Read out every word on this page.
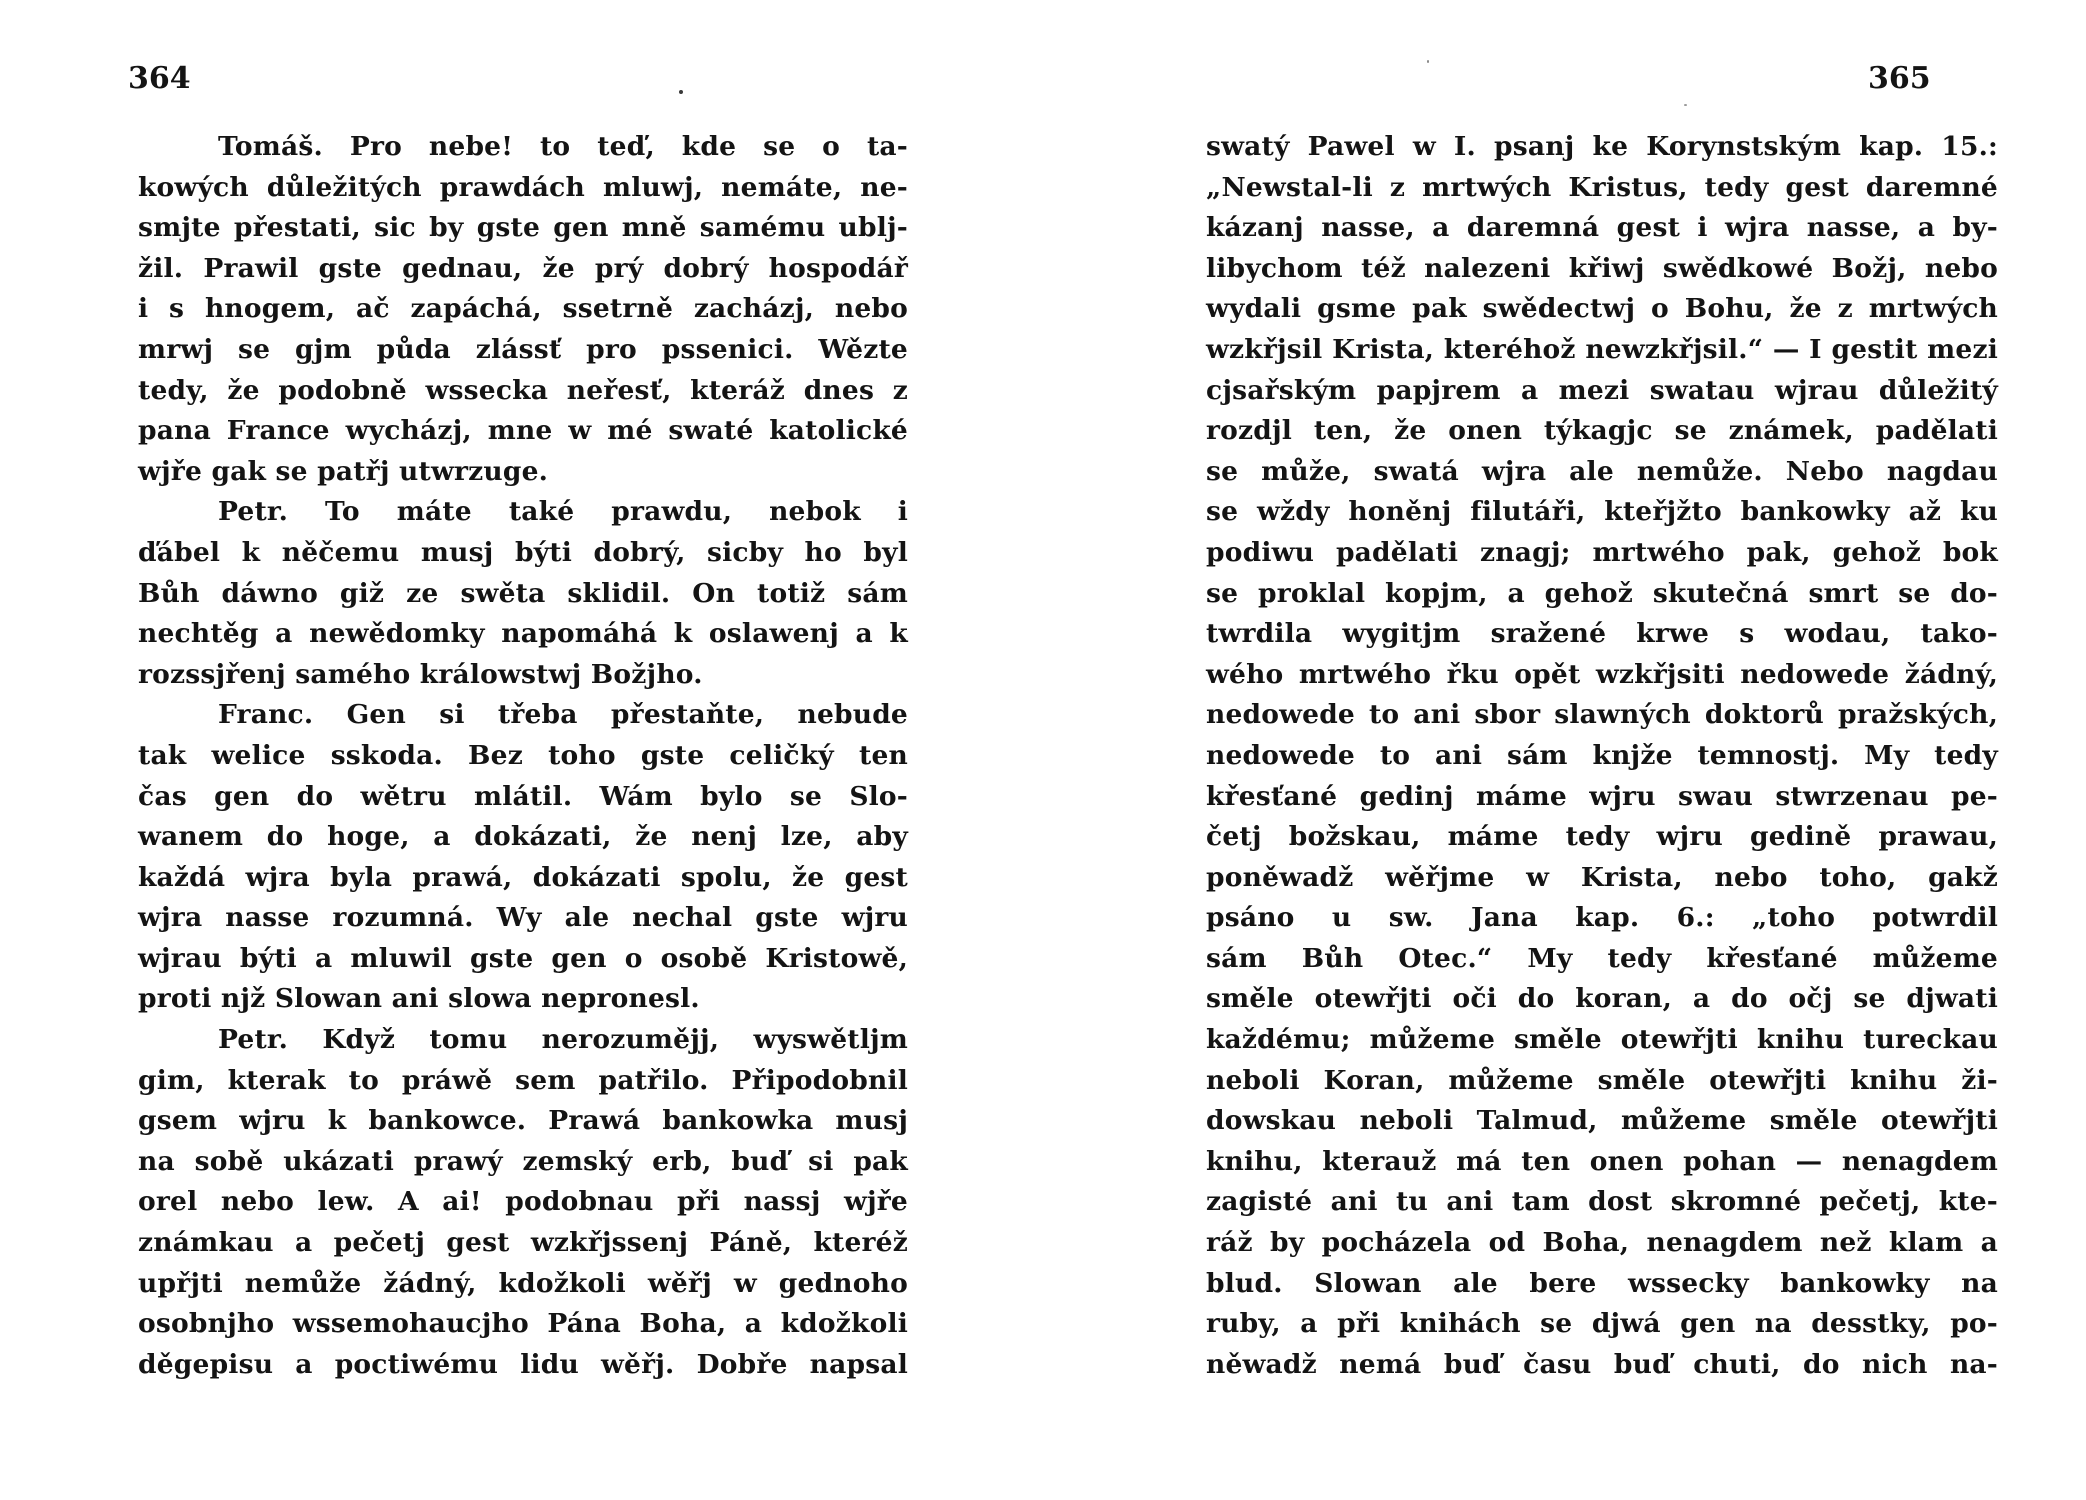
364
Tomáš. Pro nebe! to teď, kde se o ta-
kowých důležitých prawdách mluwj, nemáte, ne-
smjte přestati, sic by gste gen mně samému ublj-
žil. Prawil gste gednau, že prý dobrý hospodář
i s hnogem, ač zapáchá, ssetrně zacházj, nebo
mrwj se gjm půda zlássť pro pssenici. Wězte
tedy, že podobně wssecka neřesť, kteráž dnes z
pana France wycházj, mne w mé swaté katolické
wjře gak se patřj utwrzuge.
Petr. To máte také prawdu, nebok i
ďábel k něčemu musj býti dobrý, sicby ho byl
Bůh dáwno giž ze swěta sklidil. On totiž sám
nechtěg a newědomky napomáhá k oslawenj a k
rozssjřenj samého králowstwj Božjho.
Franc. Gen si třeba přestaňte, nebude
tak welice sskoda. Bez toho gste celičký ten
čas gen do wětru mlátil. Wám bylo se Slo-
wanem do hoge, a dokázati, že nenj lze, aby
každá wjra byla prawá, dokázati spolu, že gest
wjra nasse rozumná. Wy ale nechal gste wjru
wjrau býti a mluwil gste gen o osobě Kristowě,
proti njž Slowan ani slowa nepronesl.
Petr. Když tomu nerozumějj, wyswětljm
gim, kterak to práwě sem patřilo. Připodobnil
gsem wjru k bankowce. Prawá bankowka musj
na sobě ukázati prawý zemský erb, buď si pak
orel nebo lew. A ai! podobnau při nassj wjře
známkau a pečetj gest wzkřjssenj Páně, kteréž
upřjti nemůže žádný, kdožkoli wěřj w gednoho
osobnjho wssemohaucjho Pána Boha, a kdožkoli
děgepisu a poctiwému lidu wěřj. Dobře napsal
365
swatý Pawel w I. psanj ke Korynstským kap. 15.:
„Newstal-li z mrtwých Kristus, tedy gest daremné
kázanj nasse, a daremná gest i wjra nasse, a by-
libychom též nalezeni křiwj swědkowé Božj, nebo
wydali gsme pak swědectwj o Bohu, že z mrtwých
wzkřjsil Krista, kteréhož newzkřjsil.“ — I gestit mezi
cjsařským papjrem a mezi swatau wjrau důležitý
rozdjl ten, že onen týkagjc se známek, padělati
se může, swatá wjra ale nemůže. Nebo nagdau
se wždy honěnj filutáři, kteřjžto bankowky až ku
podiwu padělati znagj; mrtwého pak, gehož bok
se proklal kopjm, a gehož skutečná smrt se do-
twrdila wygitjm sražené krwe s wodau, tako-
wého mrtwého řku opět wzkřjsiti nedowede žádný,
nedowede to ani sbor slawných doktorů pražských,
nedowede to ani sám knjže temnostj. My tedy
křesťané gedinj máme wjru swau stwrzenau pe-
četj božskau, máme tedy wjru gedině prawau,
poněwadž wěřjme w Krista, nebo toho, gakž
psáno u sw. Jana kap. 6.: „toho potwrdil
sám Bůh Otec.“ My tedy křesťané můžeme
směle otewřjti oči do koran, a do očj se djwati
každému; můžeme směle otewřjti knihu tureckau
neboli Koran, můžeme směle otewřjti knihu ži-
dowskau neboli Talmud, můžeme směle otewřjti
knihu, kterauž má ten onen pohan — nenagdem
zagisté ani tu ani tam dost skromné pečetj, kte-
ráž by pocházela od Boha, nenagdem než klam a
blud. Slowan ale bere wssecky bankowky na
ruby, a při knihách se djwá gen na desstky, po-
něwadž nemá buď času buď chuti, do nich na-
